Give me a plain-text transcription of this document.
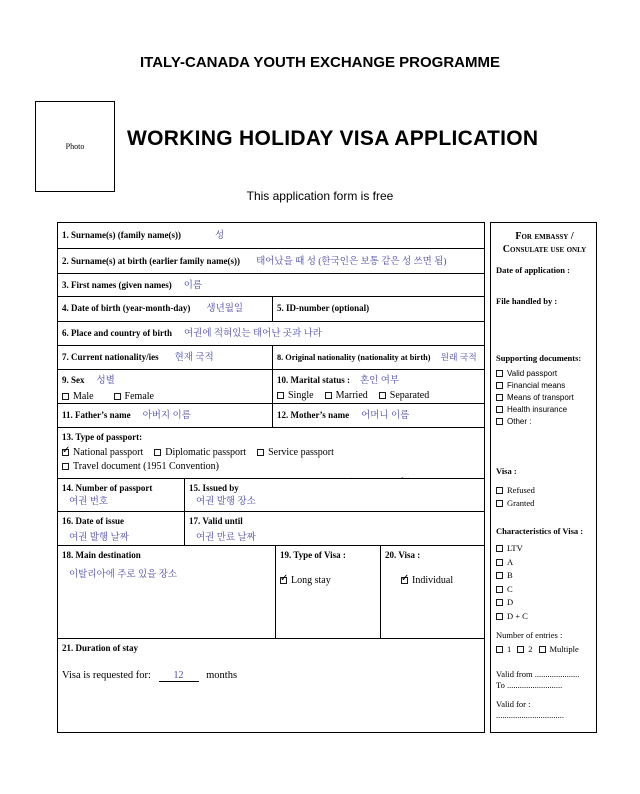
ITALY-CANADA YOUTH EXCHANGE PROGRAMME
Photo WORKING HOLIDAY VISA APPLICATION
This application form is free
1. Surname(s) (family name(s))	성
2. Surname(s) at birth (earlier family name(s)) 태어났을 때 성 (한국인은 보통 같은 성 쓰면 됨)
3. First names (given names) 이름
4. Date of birth (year-month-day) 생년월일	5. ID-number (optional)
6. Place and country of birth 여권에 적혀있는 태어난 곳과 나라
7. Current nationality/ies 현재 국적	8. Original nationality (nationality at birth) 원래 국적
9. Sex 성별
Male	Female
10. Marital status : 혼인 여부
Single Married Separated
11. Father’s name 아버지 이름	12. Mother’s name 어머니 이름
13. Type of passport:
✓National passport Diplomatic passport Service passportTravel document (1951 Convention)
14. Number of passport
여권 번호
15. Issued by
여권 발행 장소
16. Date of issue
여권 발행 날짜
17. Valid until
여권 만료 날짜
18. Main destination
이탈리아에 주로 있을 장소
19. Type of Visa :
✓Long stay
20. Visa :
✓Individual
21. Duration of stay
Visa is requested for: 12 months
For embassy /
Consulate use only
Date of application :
File handled by :
Supporting documents:
Valid passport
Financial means
Means of transport
Health insurance
Other :
Visa :
Refused
Granted
Characteristics of Visa :
LTV
A
B
C
D
D + C
Number of entries :
1 2 Multiple
Valid from .....................
To ..........................
Valid for :
................................
